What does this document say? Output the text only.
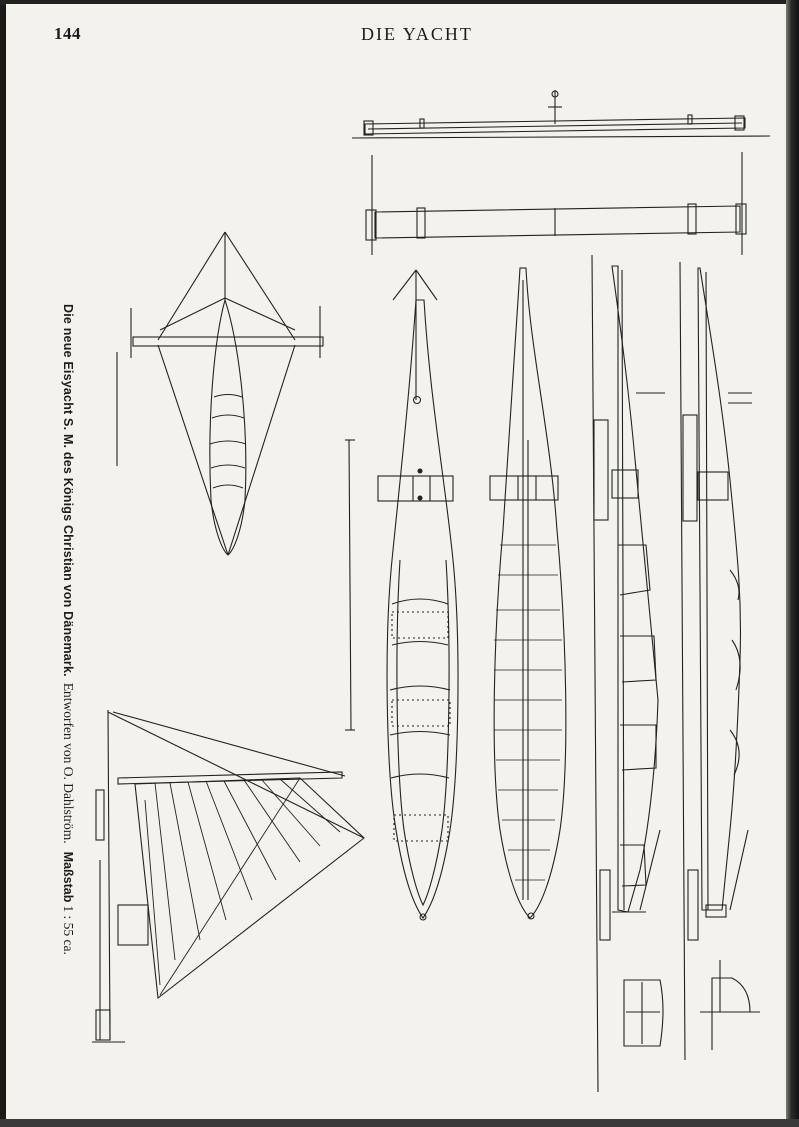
144	DIE YACHT
Die neue Eisyacht S. M. des Königs Christian von Dänemark.Entworfen von O. Dahlström.Maßstab1 : 55 ca.
